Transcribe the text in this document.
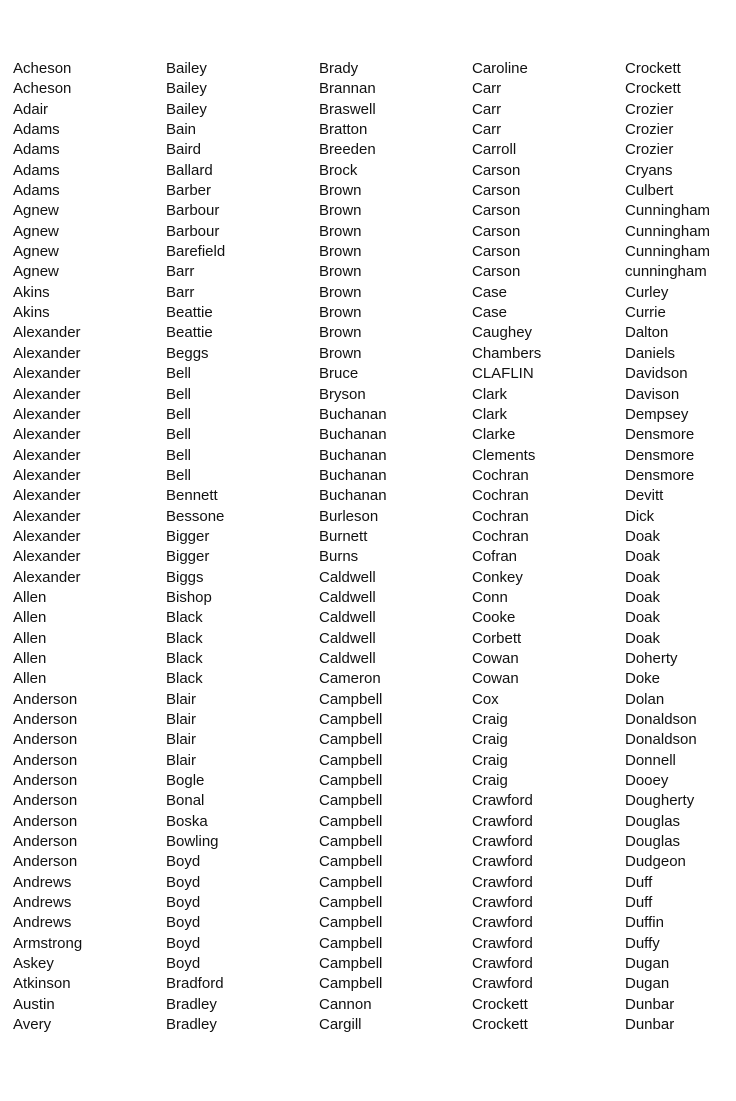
Acheson
Acheson
Adair
Adams
Adams
Adams
Adams
Agnew
Agnew
Agnew
Agnew
Akins
Akins
Alexander
Alexander
Alexander
Alexander
Alexander
Alexander
Alexander
Alexander
Alexander
Alexander
Alexander
Alexander
Alexander
Allen
Allen
Allen
Allen
Allen
Anderson
Anderson
Anderson
Anderson
Anderson
Anderson
Anderson
Anderson
Anderson
Andrews
Andrews
Andrews
Armstrong
Askey
Atkinson
Austin
Avery
Bailey
Bailey
Bailey
Bain
Baird
Ballard
Barber
Barbour
Barbour
Barefield
Barr
Barr
Beattie
Beattie
Beggs
Bell
Bell
Bell
Bell
Bell
Bell
Bennett
Bessone
Bigger
Bigger
Biggs
Bishop
Black
Black
Black
Black
Blair
Blair
Blair
Blair
Bogle
Bonal
Boska
Bowling
Boyd
Boyd
Boyd
Boyd
Boyd
Boyd
Bradford
Bradley
Bradley
Brady
Brannan
Braswell
Bratton
Breeden
Brock
Brown
Brown
Brown
Brown
Brown
Brown
Brown
Brown
Brown
Bruce
Bryson
Buchanan
Buchanan
Buchanan
Buchanan
Buchanan
Burleson
Burnett
Burns
Caldwell
Caldwell
Caldwell
Caldwell
Caldwell
Cameron
Campbell
Campbell
Campbell
Campbell
Campbell
Campbell
Campbell
Campbell
Campbell
Campbell
Campbell
Campbell
Campbell
Campbell
Campbell
Cannon
Cargill
Caroline
Carr
Carr
Carr
Carroll
Carson
Carson
Carson
Carson
Carson
Carson
Case
Case
Caughey
Chambers
CLAFLIN
Clark
Clark
Clarke
Clements
Cochran
Cochran
Cochran
Cochran
Cofran
Conkey
Conn
Cooke
Corbett
Cowan
Cowan
Cox
Craig
Craig
Craig
Craig
Crawford
Crawford
Crawford
Crawford
Crawford
Crawford
Crawford
Crawford
Crawford
Crawford
Crockett
Crockett
Crockett
Crockett
Crozier
Crozier
Crozier
Cryans
Culbert
Cunningham
Cunningham
Cunningham
cunningham
Curley
Currie
Dalton
Daniels
Davidson
Davison
Dempsey
Densmore
Densmore
Densmore
Devitt
Dick
Doak
Doak
Doak
Doak
Doak
Doak
Doherty
Doke
Dolan
Donaldson
Donaldson
Donnell
Dooey
Dougherty
Douglas
Douglas
Dudgeon
Duff
Duff
Duffin
Duffy
Dugan
Dugan
Dunbar
Dunbar
